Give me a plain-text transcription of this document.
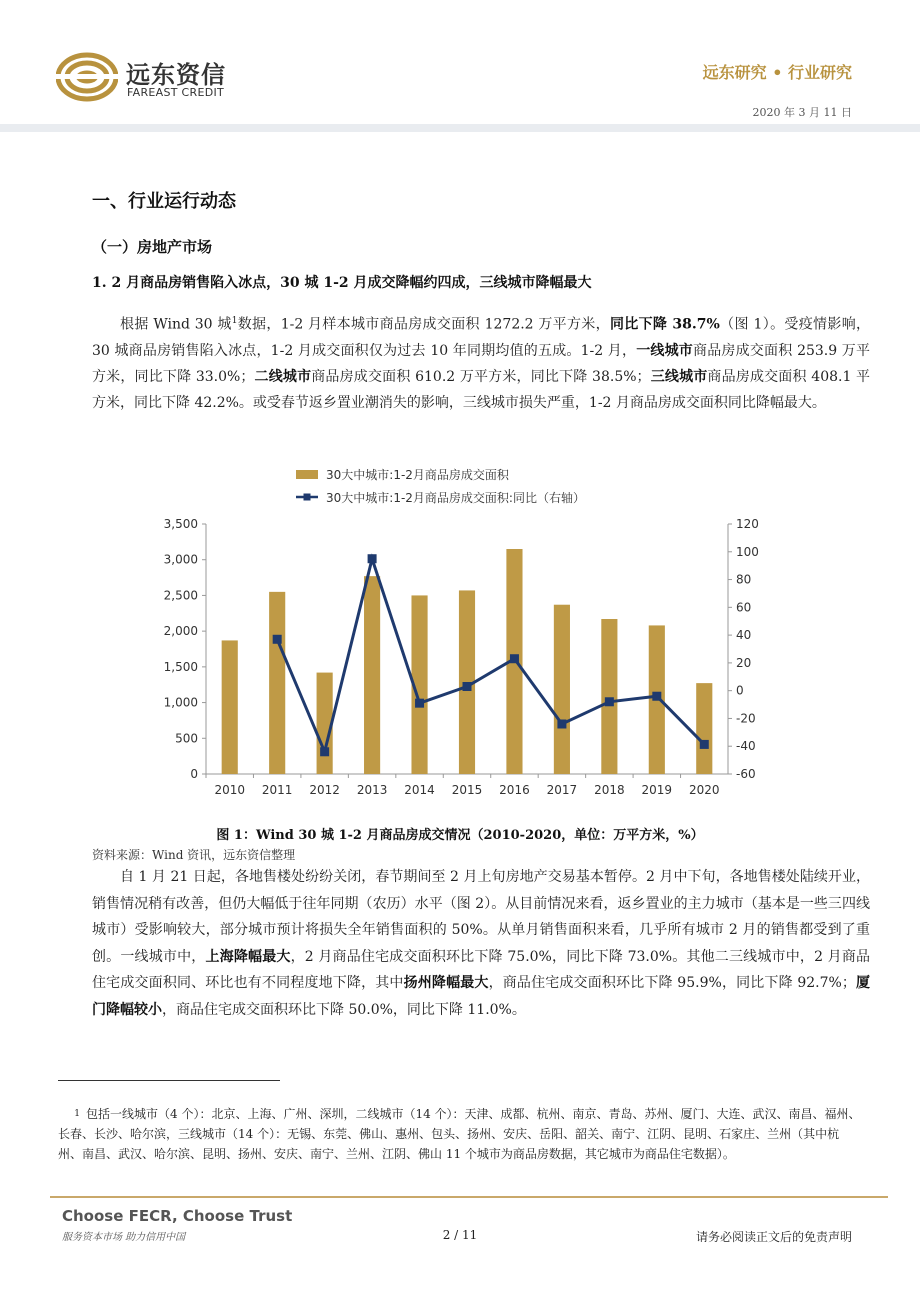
远东资信
FAREAST CREDIT
远东研究 • 行业研究
2020 年 3 月 11 日
一、行业运行动态
（一）房地产市场
1. 2 月商品房销售陷入冰点，30 城 1-2 月成交降幅约四成，三线城市降幅最大
根据 Wind 30 城$^1$数据，1-2 月样本城市商品房成交面积 1272.2 万平方米，同比下降 38.7%（图 1）。受疫情影响，30 城商品房销售陷入冰点，1-2 月成交面积仅为过去 10 年同期均值的五成。1-2 月，一线城市商品房成交面积 253.9 万平方米，同比下降 33.0%；二线城市商品房成交面积 610.2 万平方米，同比下降 38.5%；三线城市商品房成交面积 408.1 平方米，同比下降 42.2%。或受春节返乡置业潮消失的影响，三线城市损失严重，1-2 月商品房成交面积同比降幅最大。
30大中城市:1-2月商品房成交面积
30大中城市:1-2月商品房成交面积:同比（右轴）
0
500
1,000
1,500
2,000
2,500
3,000
3,500
-60
-40
-20
0
20
40
60
80
100
120
2010 2011 2012 2013 2014 2015 2016 2017 2018 2019 2020
图 1：Wind 30 城 1-2 月商品房成交情况（2010-2020，单位：万平方米，%）
资料来源：Wind 资讯，远东资信整理
自 1 月 21 日起，各地售楼处纷纷关闭，春节期间至 2 月上旬房地产交易基本暂停。2 月中下旬，各地售楼处陆续开业，销售情况稍有改善，但仍大幅低于往年同期（农历）水平（图 2）。从目前情况来看，返乡置业的主力城市（基本是一些三四线城市）受影响较大，部分城市预计将损失全年销售面积的 50%。从单月销售面积来看，几乎所有城市 2 月的销售都受到了重创。一线城市中，上海降幅最大，2 月商品住宅成交面积环比下降 75.0%，同比下降 73.0%。其他二三线城市中，2 月商品住宅成交面积同、环比也有不同程度地下降，其中扬州降幅最大，商品住宅成交面积环比下降 95.9%，同比下降 92.7%；厦门降幅较小，商品住宅成交面积环比下降 50.0%，同比下降 11.0%。
1 包括一线城市（4 个）：北京、上海、广州、深圳，二线城市（14 个）：天津、成都、杭州、南京、青岛、苏州、厦门、大连、武汉、南昌、福州、长春、长沙、哈尔滨，三线城市（14 个）：无锡、东莞、佛山、惠州、包头、扬州、安庆、岳阳、韶关、南宁、江阴、昆明、石家庄、兰州（其中杭州、南昌、武汉、哈尔滨、昆明、扬州、安庆、南宁、兰州、江阴、佛山 11 个城市为商品房数据，其它城市为商品住宅数据）。
Choose FECR, Choose Trust
服务资本市场 助力信用中国	2 / 11	请务必阅读正文后的免责声明
